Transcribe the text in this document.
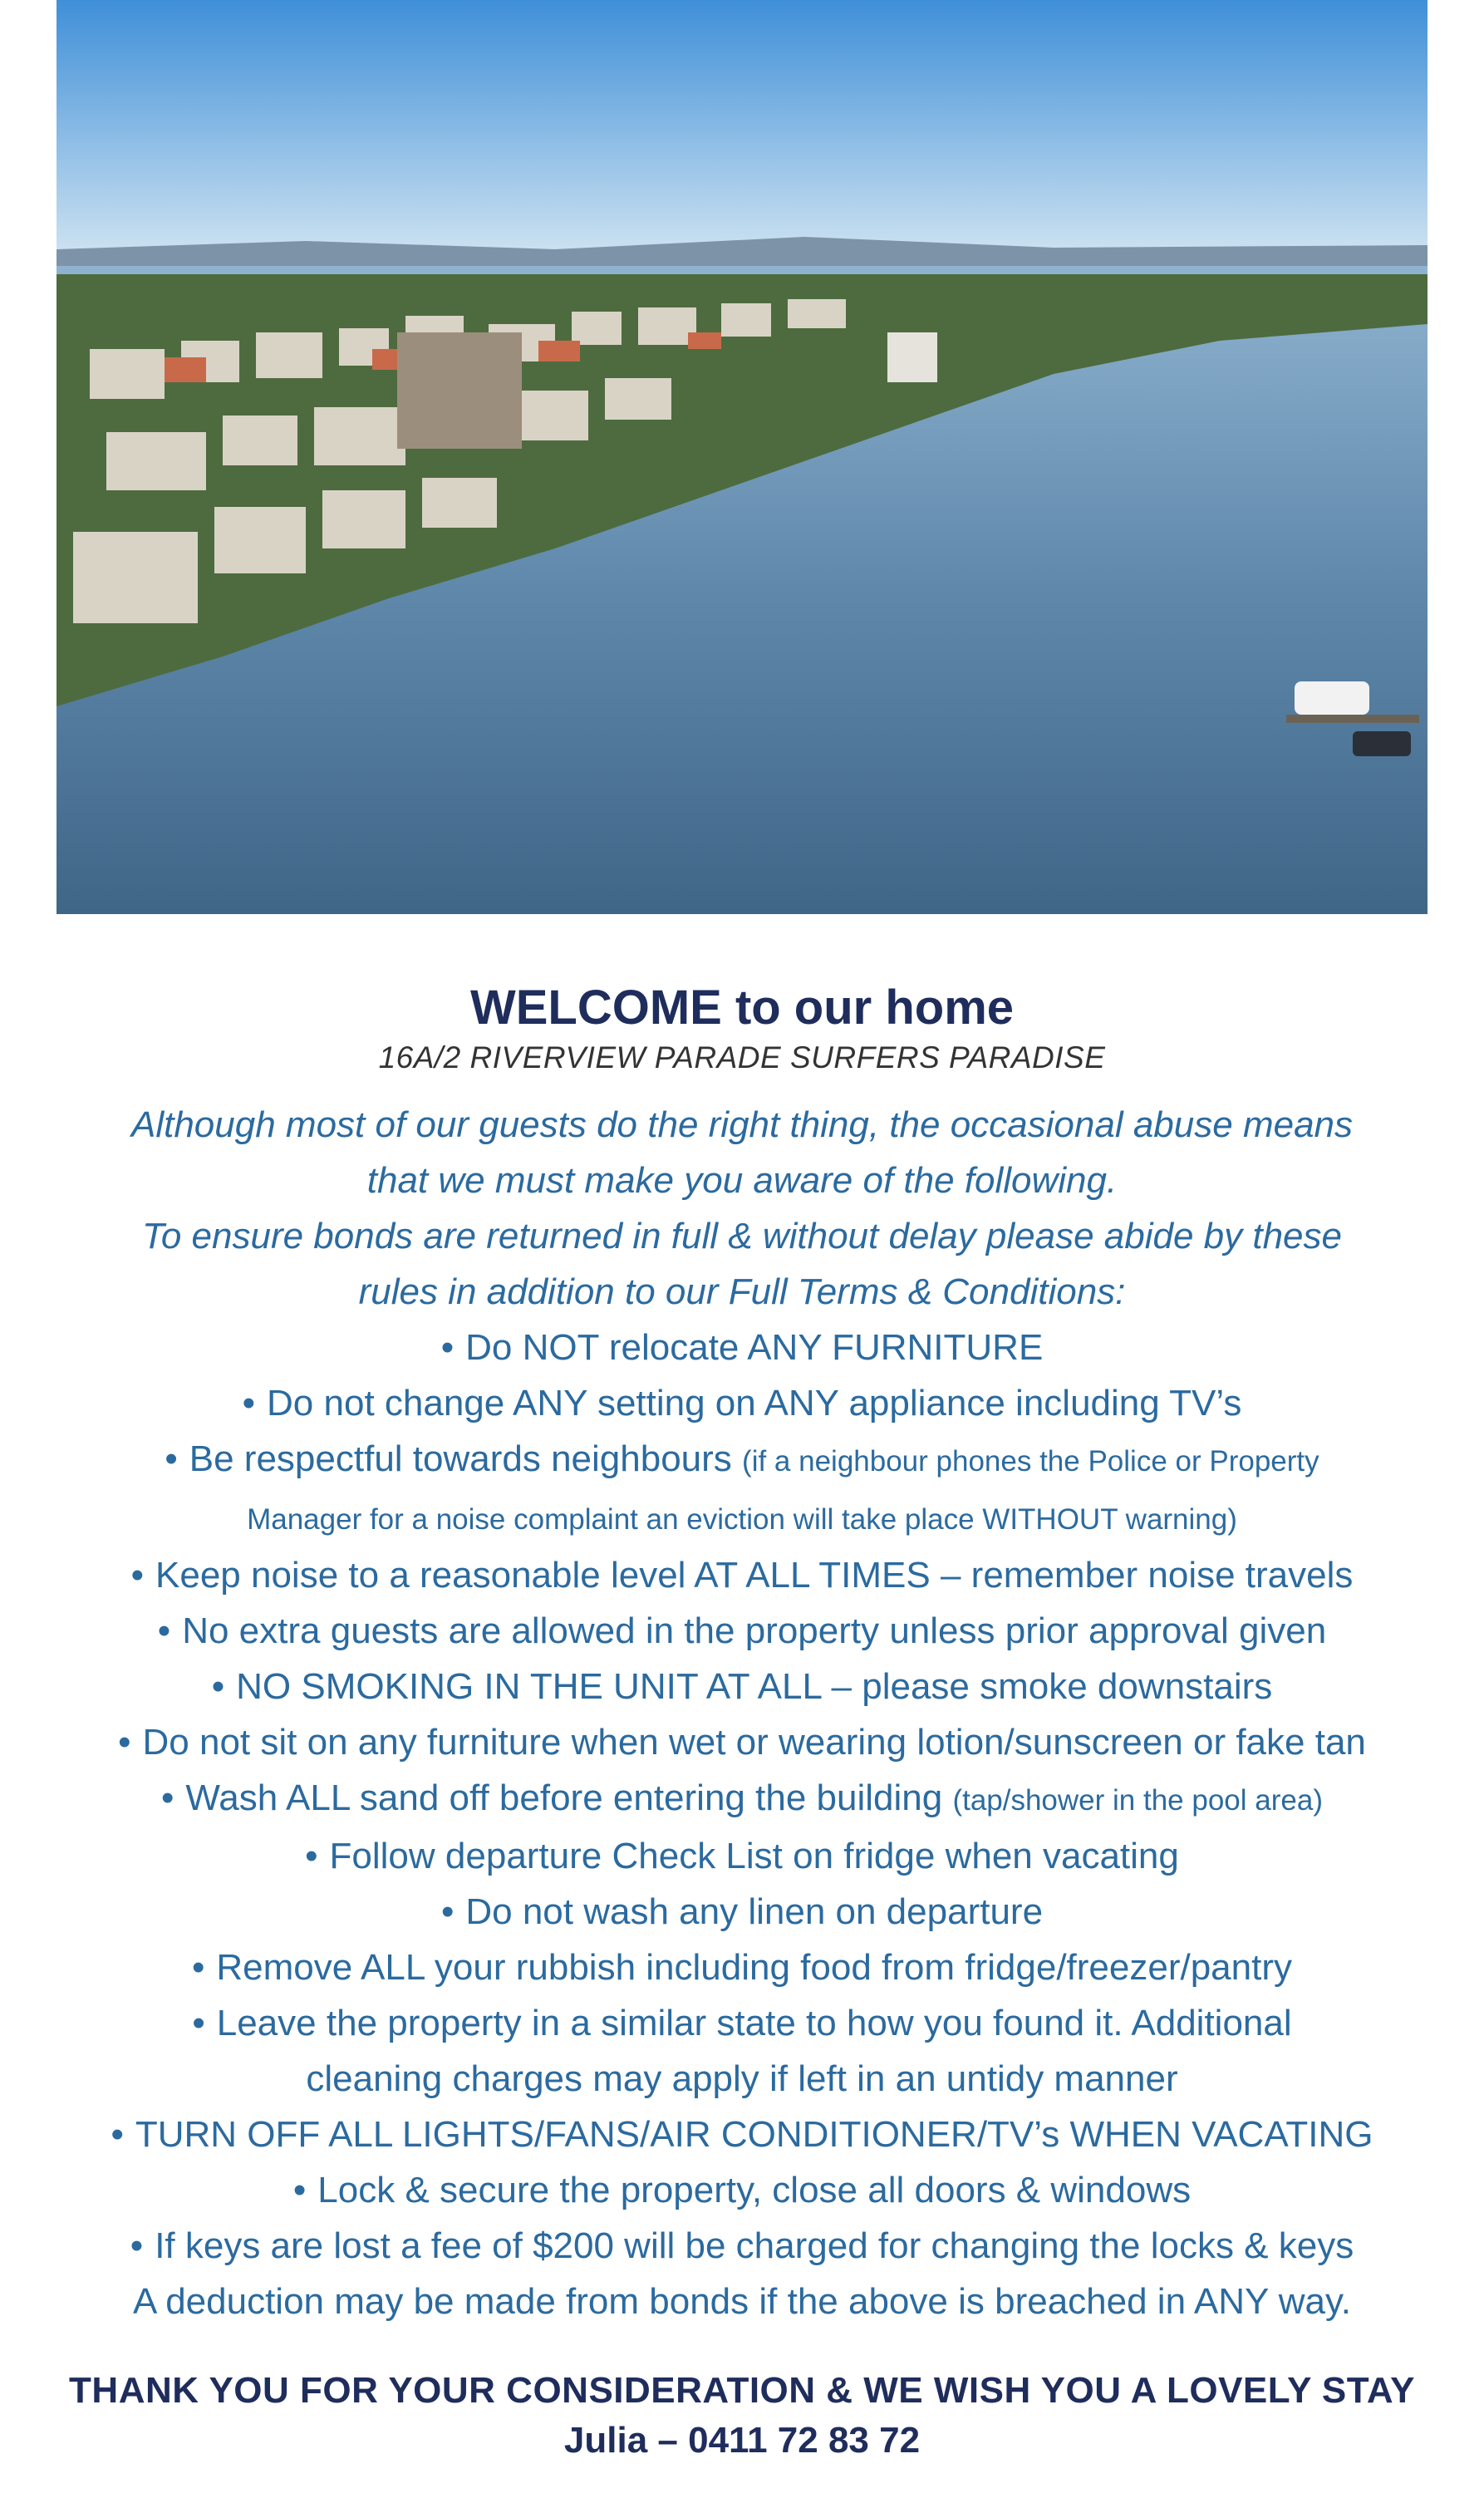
WELCOME to our home

16A/2 RIVERVIEW PARADE SURFERS PARADISE

Although most of our guests do the right thing, the occasional abuse means

that we must make you aware of the following.

To ensure bonds are returned in full & without delay please abide by these

rules in addition to our Full Terms & Conditions:

• Do NOT relocate ANY FURNITURE
• Do not change ANY setting on ANY appliance including TV’s
• Be respectful towards neighbours (if a neighbour phones the Police or Property
Manager for a noise complaint an eviction will take place WITHOUT warning)
• Keep noise to a reasonable level AT ALL TIMES – remember noise travels
• No extra guests are allowed in the property unless prior approval given
• NO SMOKING IN THE UNIT AT ALL – please smoke downstairs
• Do not sit on any furniture when wet or wearing lotion/sunscreen or fake tan
• Wash ALL sand off before entering the building (tap/shower in the pool area)
• Follow departure Check List on fridge when vacating
• Do not wash any linen on departure
• Remove ALL your rubbish including food from fridge/freezer/pantry
• Leave the property in a similar state to how you found it. Additional
cleaning charges may apply if left in an untidy manner
• TURN OFF ALL LIGHTS/FANS/AIR CONDITIONER/TV’s WHEN VACATING
• Lock & secure the property, close all doors & windows
• If keys are lost a fee of $200 will be charged for changing the locks & keys

A deduction may be made from bonds if the above is breached in ANY way.

THANK YOU FOR YOUR CONSIDERATION & WE WISH YOU A LOVELY STAY

Julia – 0411 72 83 72
